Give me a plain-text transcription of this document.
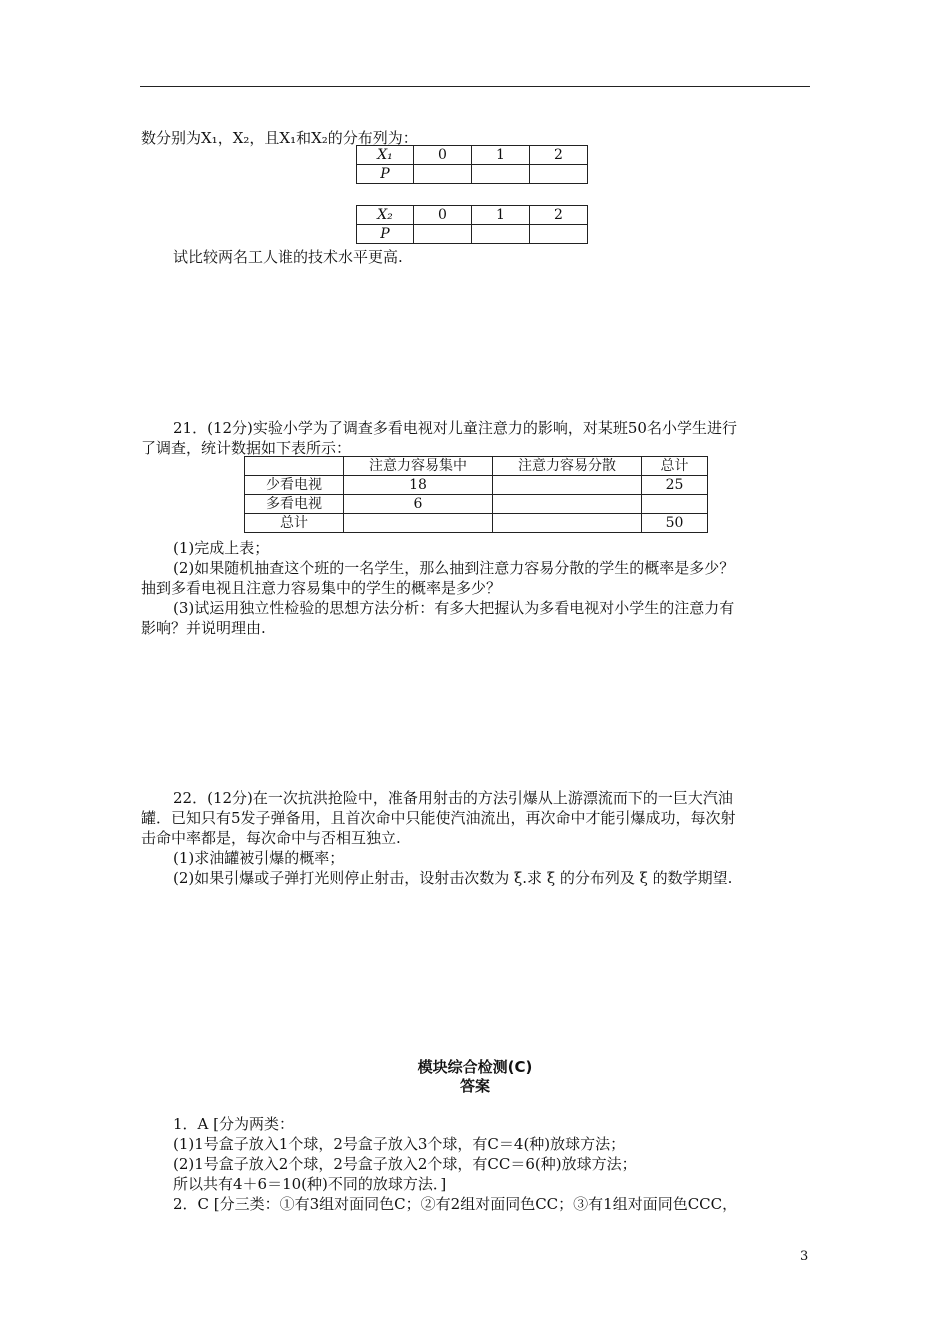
数分别为X₁，X₂，且X₁和X₂的分布列为：
X₁	0	1	2
P			
X₂	0	1	2
P			
试比较两名工人谁的技术水平更高.
21．(12分)实验小学为了调查多看电视对儿童注意力的影响，对某班50名小学生进行
了调查，统计数据如下表所示：
	注意力容易集中	注意力容易分散	总计
少看电视	18		25
多看电视	6		
总计			50
(1)完成上表；
(2)如果随机抽查这个班的一名学生，那么抽到注意力容易分散的学生的概率是多少？
抽到多看电视且注意力容易集中的学生的概率是多少？
(3)试运用独立性检验的思想方法分析：有多大把握认为多看电视对小学生的注意力有
影响？并说明理由.
22．(12分)在一次抗洪抢险中，准备用射击的方法引爆从上游漂流而下的一巨大汽油
罐．已知只有5发子弹备用，且首次命中只能使汽油流出，再次命中才能引爆成功，每次射
击命中率都是，每次命中与否相互独立.
(1)求油罐被引爆的概率；
(2)如果引爆或子弹打光则停止射击，设射击次数为 ξ.求 ξ 的分布列及 ξ 的数学期望.
模块综合检测(C)
答案
1．A [分为两类：
(1)1号盒子放入1个球，2号盒子放入3个球，有C＝4(种)放球方法；
(2)1号盒子放入2个球，2号盒子放入2个球，有CC＝6(种)放球方法；
所以共有4＋6＝10(种)不同的放球方法．]
2．C [分三类：①有3组对面同色C；②有2组对面同色CC；③有1组对面同色CCC，
3
